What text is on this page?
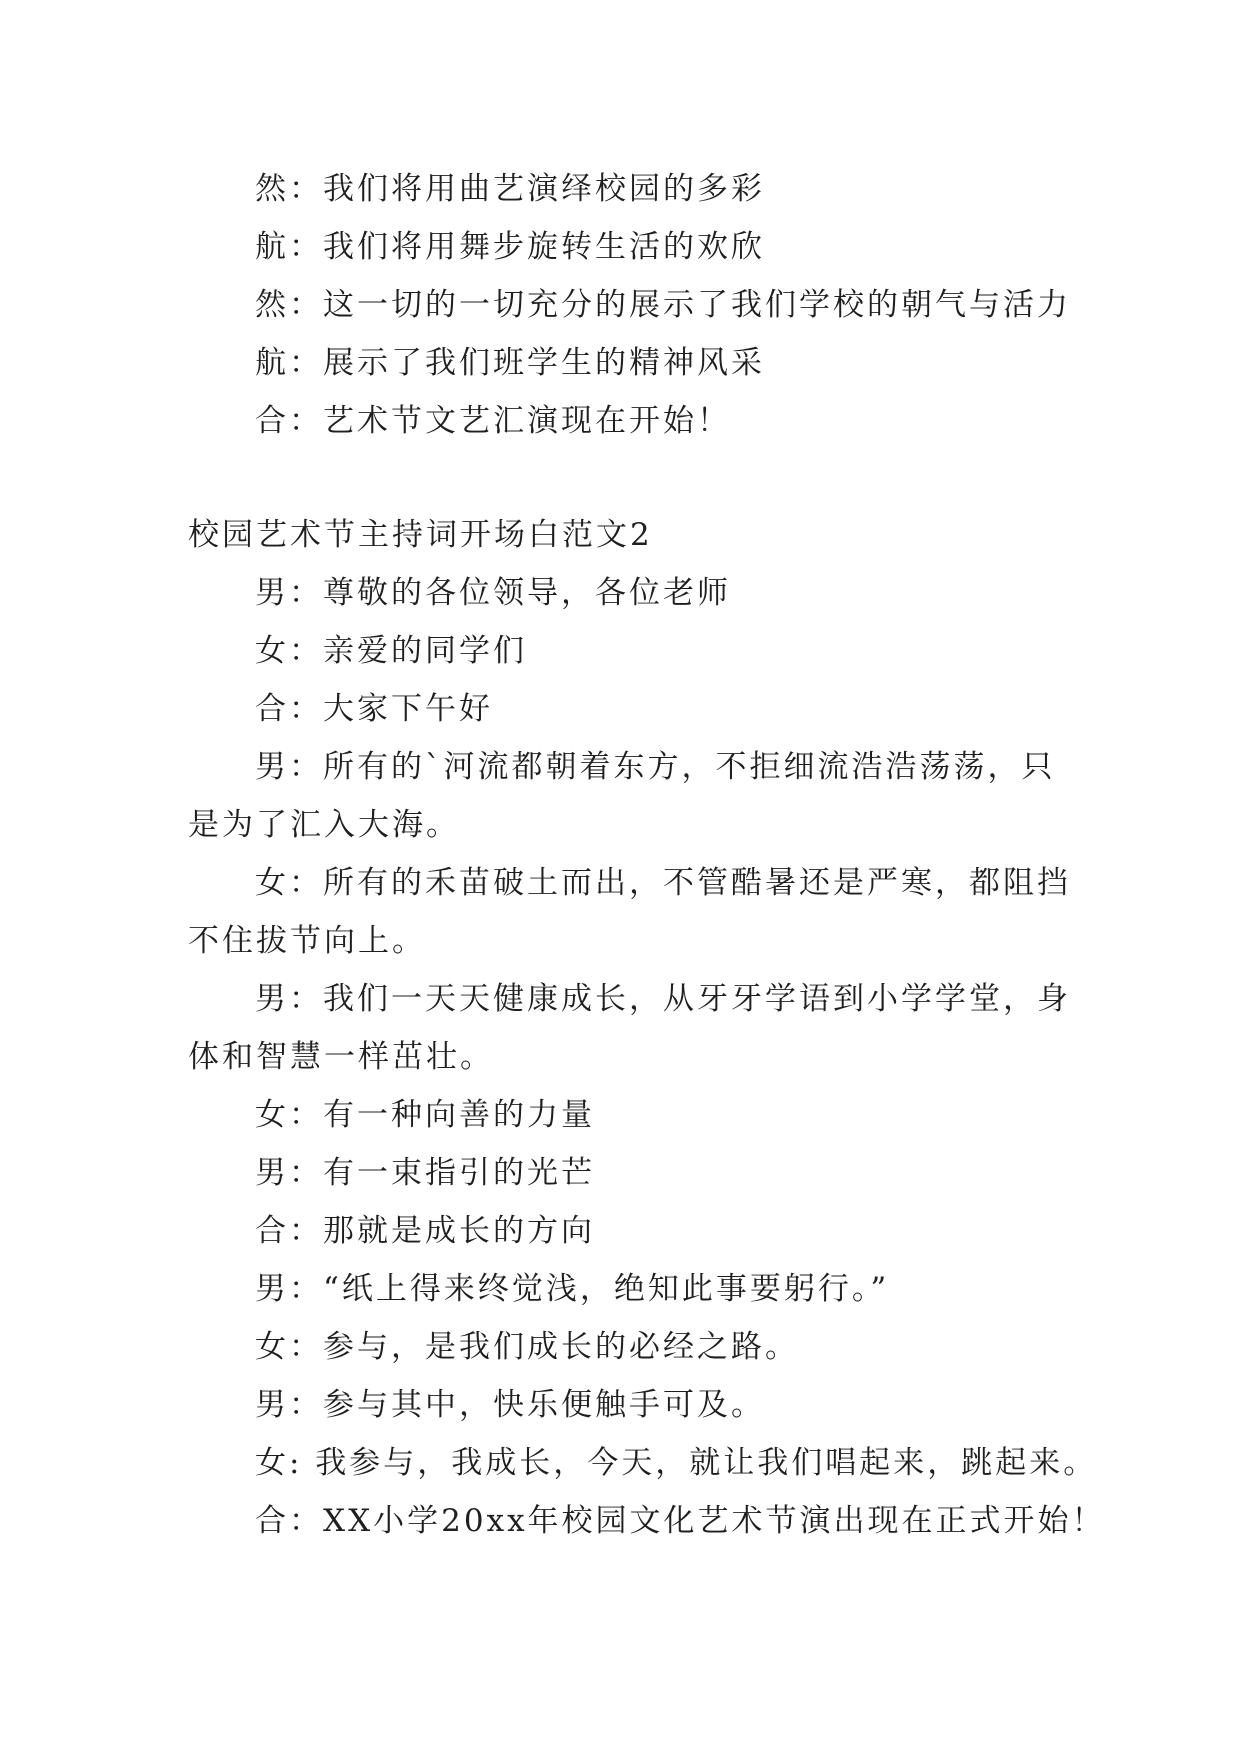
然：我们将用曲艺演绎校园的多彩
航：我们将用舞步旋转生活的欢欣
然：这一切的一切充分的展示了我们学校的朝气与活力
航：展示了我们班学生的精神风采
合：艺术节文艺汇演现在开始！
校园艺术节主持词开场白范文2
男：尊敬的各位领导，各位老师
女：亲爱的同学们
合：大家下午好
男：所有的`河流都朝着东方，不拒细流浩浩荡荡，只
是为了汇入大海。
女：所有的禾苗破土而出，不管酷暑还是严寒，都阻挡
不住拔节向上。
男：我们一天天健康成长，从牙牙学语到小学学堂，身
体和智慧一样茁壮。
女：有一种向善的力量
男：有一束指引的光芒
合：那就是成长的方向
男：“纸上得来终觉浅，绝知此事要躬行。”
女：参与，是我们成长的必经之路。
男：参与其中，快乐便触手可及。
女: 我参与，我成长，今天，就让我们唱起来，跳起来。
合：XX小学20xx年校园文化艺术节演出现在正式开始！
